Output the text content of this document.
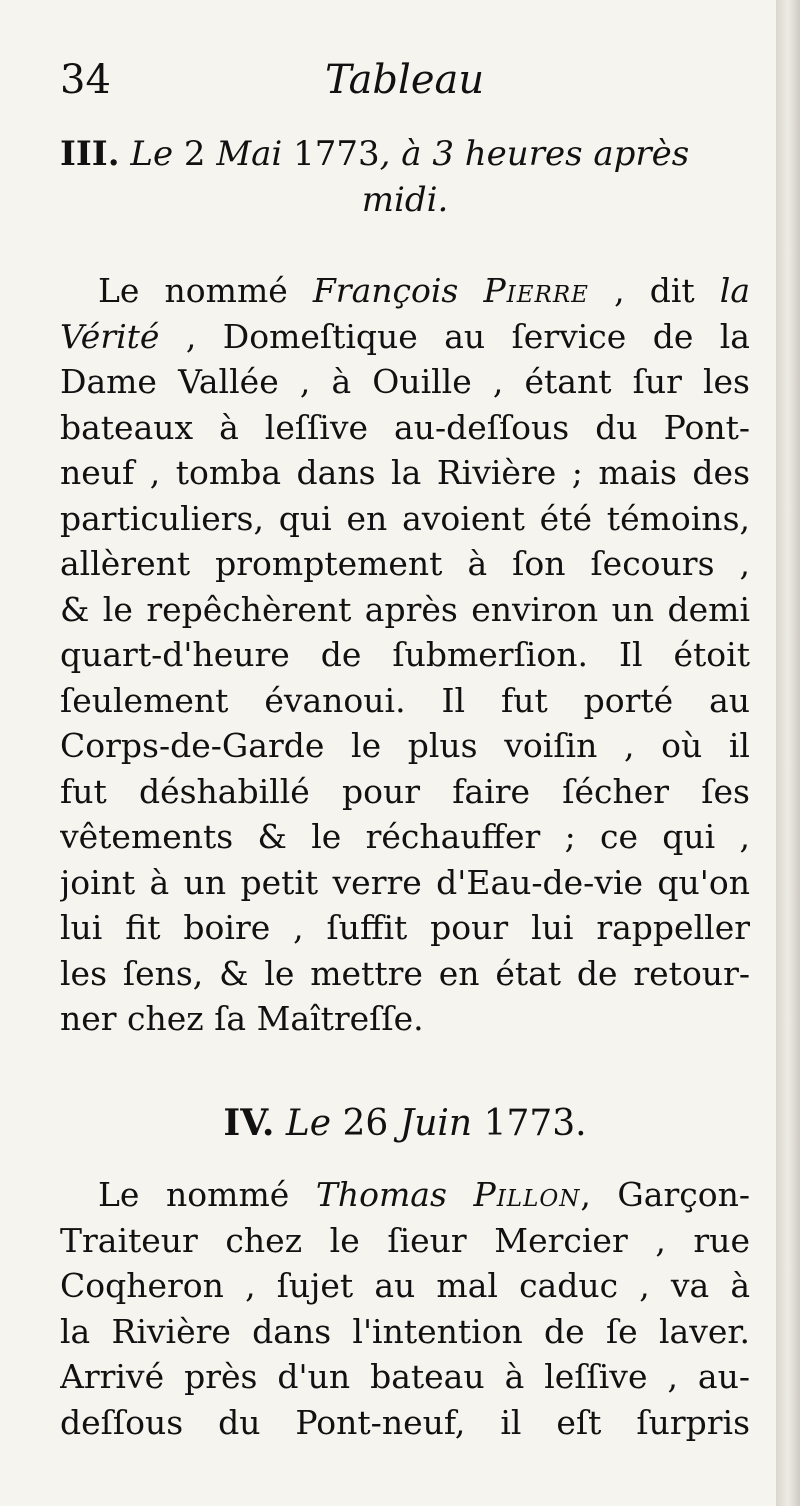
34	Tableau
III. Le 2 Mai 1773, à 3 heures après
midi.
Le nommé François Pierre , dit la
Vérité , Domeſtique au ſervice de la
Dame Vallée , à Ouille , étant ſur les
bateaux à leſſive au-deſſous du Pont-
neuf , tomba dans la Rivière ; mais des
particuliers, qui en avoient été témoins,
allèrent promptement à ſon ſecours ,
& le repêchèrent après environ un demi
quart-d'heure de ſubmerſion. Il étoit
ſeulement évanoui. Il fut porté au
Corps-de-Garde le plus voiſin , où il
fut déshabillé pour faire ſécher ſes
vêtements & le réchauffer ; ce qui ,
joint à un petit verre d'Eau-de-vie qu'on
lui fit boire , ſuffit pour lui rappeller
les ſens, & le mettre en état de retour-
ner chez ſa Maîtreſſe.
IV. Le 26 Juin 1773.
Le nommé Thomas Pillon, Garçon-
Traiteur chez le ſieur Mercier , rue
Coqheron , ſujet au mal caduc , va à
la Rivière dans l'intention de ſe laver.
Arrivé près d'un bateau à leſſive , au-
deſſous du Pont-neuf, il eſt ſurpris
